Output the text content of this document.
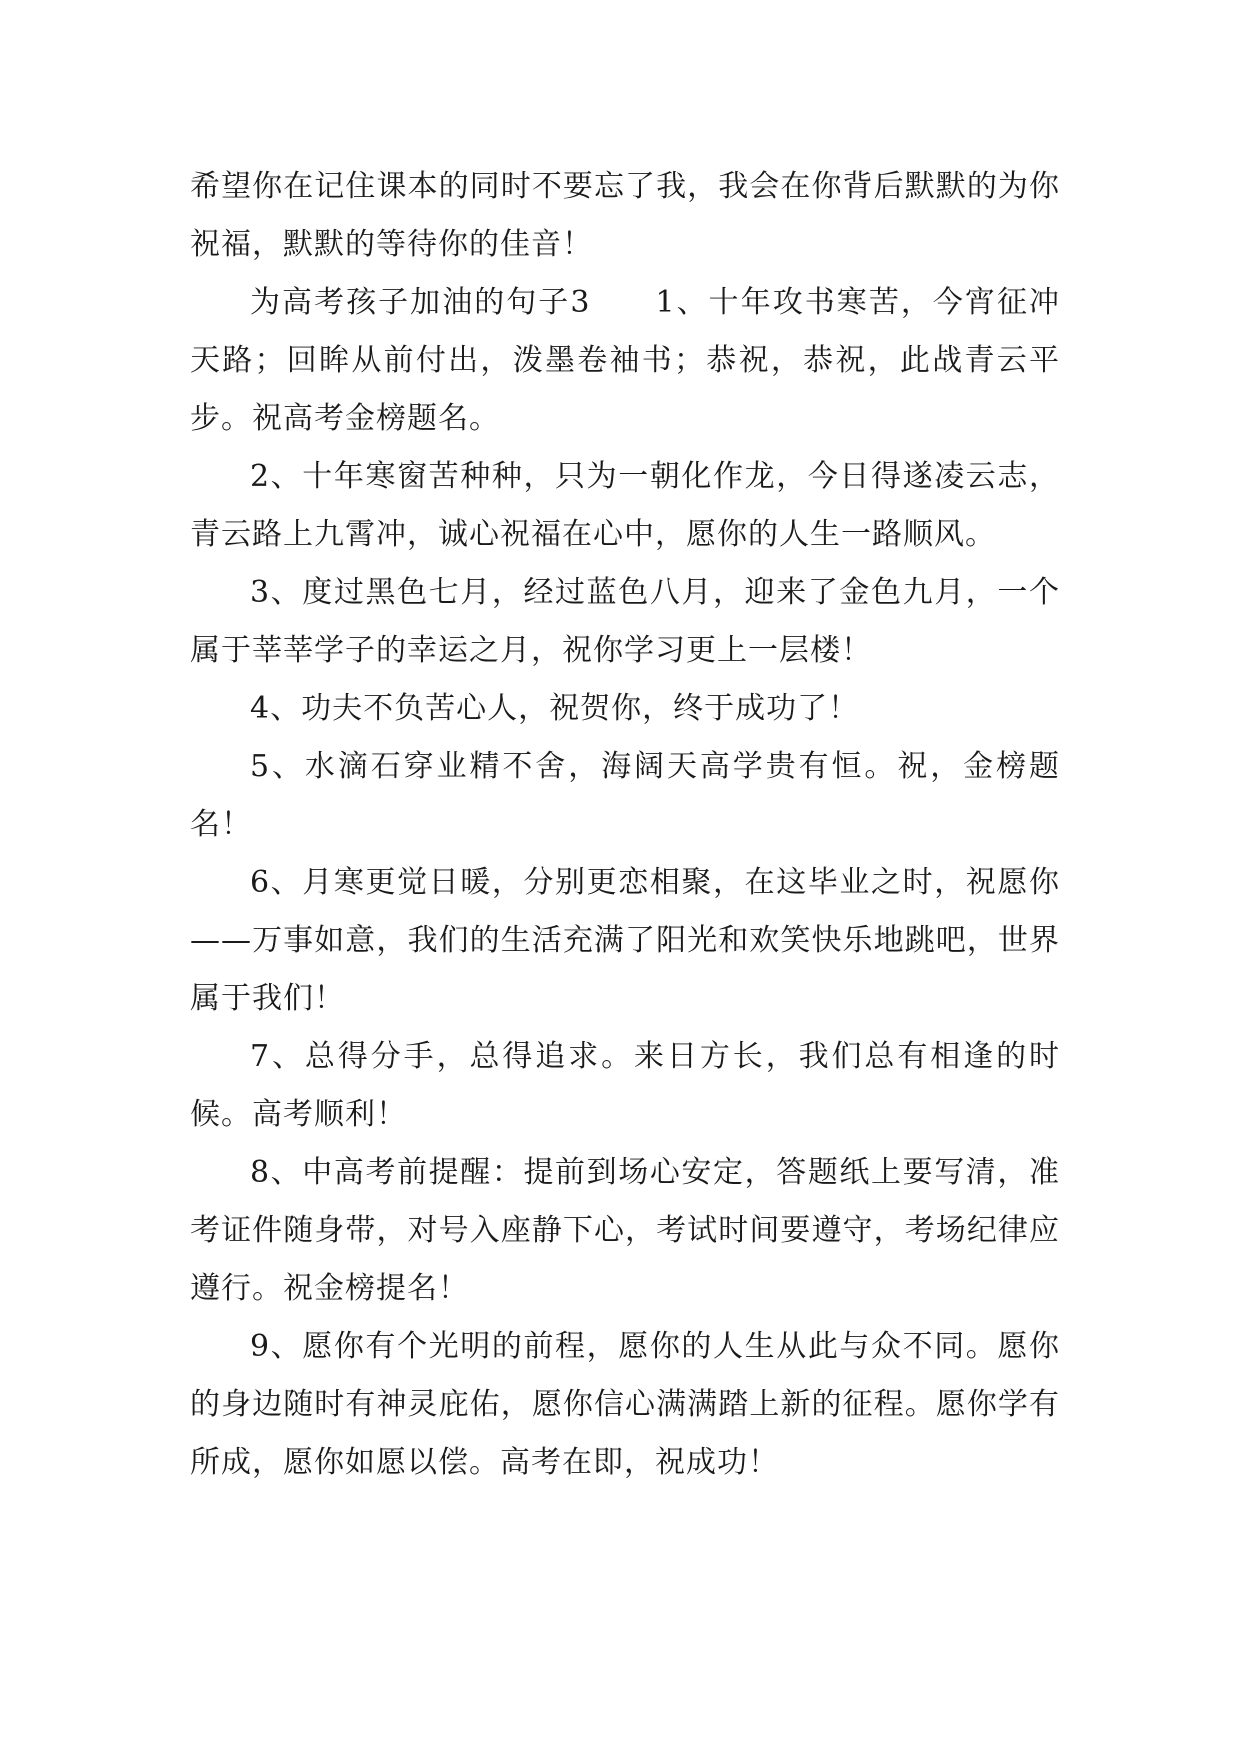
希望你在记住课本的同时不要忘了我，我会在你背后默默的为你祝福，默默的等待你的佳音！

为高考孩子加油的句子3　　1、十年攻书寒苦，今宵征冲天路；回眸从前付出，泼墨卷袖书；恭祝，恭祝，此战青云平步。祝高考金榜题名。

2、十年寒窗苦种种，只为一朝化作龙，今日得遂凌云志，青云路上九霄冲，诚心祝福在心中，愿你的人生一路顺风。

3、度过黑色七月，经过蓝色八月，迎来了金色九月，一个属于莘莘学子的幸运之月，祝你学习更上一层楼！

4、功夫不负苦心人，祝贺你，终于成功了！

5、水滴石穿业精不舍，海阔天高学贵有恒。祝，金榜题名！

6、月寒更觉日暖，分别更恋相聚，在这毕业之时，祝愿你——万事如意，我们的生活充满了阳光和欢笑快乐地跳吧，世界属于我们！

7、总得分手，总得追求。来日方长，我们总有相逢的时候。高考顺利！

8、中高考前提醒：提前到场心安定，答题纸上要写清，准考证件随身带，对号入座静下心，考试时间要遵守，考场纪律应遵行。祝金榜提名！

9、愿你有个光明的前程，愿你的人生从此与众不同。愿你的身边随时有神灵庇佑，愿你信心满满踏上新的征程。愿你学有所成，愿你如愿以偿。高考在即，祝成功！
